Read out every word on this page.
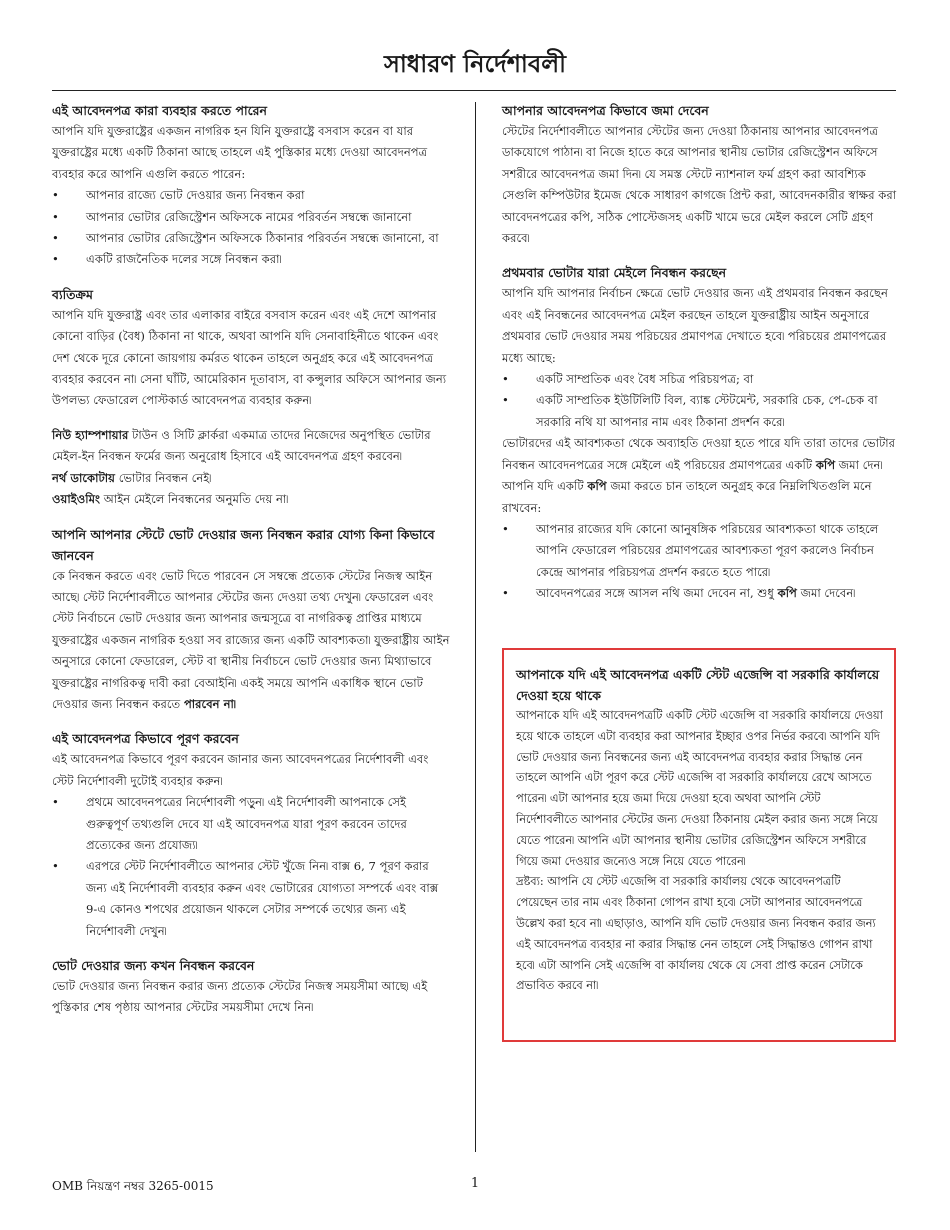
সাধারণ নির্দেশাবলী
এই আবেদনপত্র কারা ব্যবহার করতে পারেন

আপনি যদি যুক্তরাষ্ট্রের একজন নাগরিক হন যিনি যুক্তরাষ্ট্রে বসবাস করেন বা যার যুক্তরাষ্ট্রের মধ্যে একটি ঠিকানা আছে তাহলে এই পুস্তিকার মধ্যে দেওয়া আবেদনপত্র ব্যবহার করে আপনি এগুলি করতে পারেন:

• আপনার রাজ্যে ভোট দেওয়ার জন্য নিবন্ধন করা
• আপনার ভোটার রেজিস্ট্রেশন অফিসকে নামের পরিবর্তন সম্বন্ধে জানানো
• আপনার ভোটার রেজিস্ট্রেশন অফিসকে ঠিকানার পরিবর্তন সম্বন্ধে জানানো, বা
• একটি রাজনৈতিক দলের সঙ্গে নিবন্ধন করা৷
ব্যতিক্রম

আপনি যদি যুক্তরাষ্ট্র এবং তার এলাকার বাইরে বসবাস করেন এবং এই দেশে আপনার কোনো বাড়ির (বৈধ) ঠিকানা না থাকে, অথবা আপনি যদি সেনাবাহিনীতে থাকেন এবং দেশ থেকে দূরে কোনো জায়গায় কর্মরত থাকেন তাহলে অনুগ্রহ করে এই আবেদনপত্র ব্যবহার করবেন না৷ সেনা ঘাঁটি, আমেরিকান দূতাবাস, বা কন্সুলার অফিসে আপনার জন্য উপলভ্য ফেডারেল পোস্টকার্ড আবেদনপত্র ব্যবহার করুন৷

নিউ হ্যাম্পশায়ার টাউন ও সিটি ক্লার্করা একমাত্র তাদের নিজেদের অনুপস্থিত ভোটার মেইল-ইন নিবন্ধন ফর্মের জন্য অনুরোধ হিসাবে এই আবেদনপত্র গ্রহণ করবেন৷

নর্থ ডাকোটায় ভোটার নিবন্ধন নেই৷

ওয়াইওমিং আইন মেইলে নিবন্ধনের অনুমতি দেয় না৷

আপনি আপনার স্টেটে ভোট দেওয়ার জন্য নিবন্ধন করার যোগ্য কিনা কিভাবে জানবেন

কে নিবন্ধন করতে এবং ভোট দিতে পারবেন সে সম্বন্ধে প্রত্যেক স্টেটের নিজস্ব আইন আছে৷ স্টেট নির্দেশাবলীতে আপনার স্টেটের জন্য দেওয়া তথ্য দেখুন৷ ফেডারেল এবং স্টেট নির্বাচনে ভোট দেওয়ার জন্য আপনার জন্মসূত্রে বা নাগরিকত্ব প্রাপ্তির মাধ্যমে যুক্তরাষ্ট্রের একজন নাগরিক হওয়া সব রাজ্যের জন্য একটি আবশ্যকতা৷ যুক্তরাষ্ট্রীয় আইন অনুসারে কোনো ফেডারেল, স্টেট বা স্থানীয় নির্বাচনে ভোট দেওয়ার জন্য মিথ্যাভাবে যুক্তরাষ্ট্রের নাগরিকত্ব দাবী করা বেআইনি৷ একই সময়ে আপনি একাধিক স্থানে ভোট দেওয়ার জন্য নিবন্ধন করতে পারবেন না৷

এই আবেদনপত্র কিভাবে পূরণ করবেন

এই আবেদনপত্র কিভাবে পূরণ করবেন জানার জন্য আবেদনপত্রের নির্দেশাবলী এবং স্টেট নির্দেশাবলী দুটোই ব্যবহার করুন৷

• প্রথমে আবেদনপত্রের নির্দেশাবলী পড়ুন৷ এই নির্দেশাবলী আপনাকে সেই গুরুত্বপূর্ণ তথ্যগুলি দেবে যা এই আবেদনপত্র যারা পূরণ করবেন তাদের প্রত্যেকের জন্য প্রযোজ্য৷
• এরপরে স্টেট নির্দেশাবলীতে আপনার স্টেট খুঁজে নিন৷ বাক্স 6, 7 পূরণ করার জন্য এই নির্দেশাবলী ব্যবহার করুন এবং ভোটারের যোগ্যতা সম্পর্কে এবং বাক্স 9-এ কোনও শপথের প্রয়োজন থাকলে সেটার সম্পর্কে তথ্যের জন্য এই নির্দেশাবলী দেখুন৷
ভোট দেওয়ার জন্য কখন নিবন্ধন করবেন

ভোট দেওয়ার জন্য নিবন্ধন করার জন্য প্রত্যেক স্টেটের নিজস্ব সময়সীমা আছে৷ এই পুস্তিকার শেষ পৃষ্ঠায় আপনার স্টেটের সময়সীমা দেখে নিন৷

আপনার আবেদনপত্র কিভাবে জমা দেবেন

স্টেটের নির্দেশাবলীতে আপনার স্টেটের জন্য দেওয়া ঠিকানায় আপনার আবেদনপত্র ডাকযোগে পাঠান৷ বা নিজে হাতে করে আপনার স্থানীয় ভোটার রেজিস্ট্রেশন অফিসে সশরীরে আবেদনপত্র জমা দিন৷ যে সমস্ত স্টেটে ন্যাশনাল ফর্ম গ্রহণ করা আবশ্যিক সেগুলি কম্পিউটার ইমেজ থেকে সাধারণ কাগজে প্রিন্ট করা, আবেদনকারীর স্বাক্ষর করা আবেদনপত্রের কপি, সঠিক পোস্টেজসহ একটি খামে ভরে মেইল করলে সেটি গ্রহণ করবে৷

প্রথমবার ভোটার যারা মেইলে নিবন্ধন করছেন

আপনি যদি আপনার নির্বাচন ক্ষেত্রে ভোট দেওয়ার জন্য এই প্রথমবার নিবন্ধন করছেন এবং এই নিবন্ধনের আবেদনপত্র মেইল করছেন তাহলে যুক্তরাষ্ট্রীয় আইন অনুসারে প্রথমবার ভোট দেওয়ার সময় পরিচয়ের প্রমাণপত্র দেখাতে হবে৷ পরিচয়ের প্রমাণপত্রের মধ্যে আছে:

• একটি সাম্প্রতিক এবং বৈধ সচিত্র পরিচয়পত্র; বা
• একটি সাম্প্রতিক ইউটিলিটি বিল, ব্যাঙ্ক স্টেটমেন্ট, সরকারি চেক, পে-চেক বা সরকারি নথি যা আপনার নাম এবং ঠিকানা প্রদর্শন করে৷

ভোটারদের এই আবশ্যকতা থেকে অব্যাহতি দেওয়া হতে পারে যদি তারা তাদের ভোটার নিবন্ধন আবেদনপত্রের সঙ্গে মেইলে এই পরিচয়ের প্রমাণপত্রের একটি কপি জমা দেন৷ আপনি যদি একটি কপি জমা করতে চান তাহলে অনুগ্রহ করে নিম্নলিখিতগুলি মনে রাখবেন:

• আপনার রাজ্যের যদি কোনো আনুষঙ্গিক পরিচয়ের আবশ্যকতা থাকে তাহলে আপনি ফেডারেল পরিচয়ের প্রমাণপত্রের আবশ্যকতা পূরণ করলেও নির্বাচন কেন্দ্রে আপনার পরিচয়পত্র প্রদর্শন করতে হতে পারে৷
• আবেদনপত্রের সঙ্গে আসল নথি জমা দেবেন না, শুধু কপি জমা দেবেন৷
আপনাকে যদি এই আবেদনপত্র একটি স্টেট এজেন্সি বা সরকারি কার্যালয়ে দেওয়া হয়ে থাকে

আপনাকে যদি এই আবেদনপত্রটি একটি স্টেট এজেন্সি বা সরকারি কার্যালয়ে দেওয়া হয়ে থাকে তাহলে এটা ব্যবহার করা আপনার ইচ্ছার ওপর নির্ভর করবে৷ আপনি যদি ভোট দেওয়ার জন্য নিবন্ধনের জন্য এই আবেদনপত্র ব্যবহার করার সিদ্ধান্ত নেন তাহলে আপনি এটা পূরণ করে স্টেট এজেন্সি বা সরকারি কার্যালয়ে রেখে আসতে পারেন৷ এটা আপনার হয়ে জমা দিয়ে দেওয়া হবে৷ অথবা আপনি স্টেট নির্দেশাবলীতে আপনার স্টেটের জন্য দেওয়া ঠিকানায় মেইল করার জন্য সঙ্গে নিয়ে যেতে পারেন৷ আপনি এটা আপনার স্থানীয় ভোটার রেজিস্ট্রেশন অফিসে সশরীরে গিয়ে জমা দেওয়ার জন্যেও সঙ্গে নিয়ে যেতে পারেন৷

দ্রষ্টব্য: আপনি যে স্টেট এজেন্সি বা সরকারি কার্যালয় থেকে আবেদনপত্রটি পেয়েছেন তার নাম এবং ঠিকানা গোপন রাখা হবে৷ সেটা আপনার আবেদনপত্রে উল্লেখ করা হবে না৷ এছাড়াও, আপনি যদি ভোট দেওয়ার জন্য নিবন্ধন করার জন্য এই আবেদনপত্র ব্যবহার না করার সিদ্ধান্ত নেন তাহলে সেই সিদ্ধান্তও গোপন রাখা হবে৷ এটা আপনি সেই এজেন্সি বা কার্যালয় থেকে যে সেবা প্রাপ্ত করেন সেটাকে প্রভাবিত করবে না৷

OMB নিয়ন্ত্রণ নম্বর 3265-0015	1
